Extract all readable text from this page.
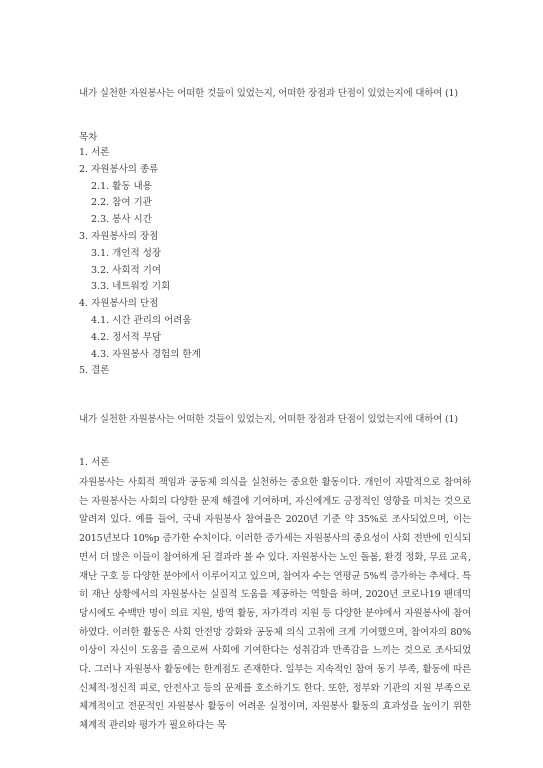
내가 실천한 자원봉사는 어떠한 것들이 있었는지, 어떠한 장점과 단점이 있었는지에 대하여 (1)
목차
1. 서론
2. 자원봉사의 종류
2.1. 활동 내용
2.2. 참여 기관
2.3. 봉사 시간
3. 자원봉사의 장점
3.1. 개인적 성장
3.2. 사회적 기여
3.3. 네트워킹 기회
4. 자원봉사의 단점
4.1. 시간 관리의 어려움
4.2. 정서적 부담
4.3. 자원봉사 경험의 한계
5. 결론
내가 실천한 자원봉사는 어떠한 것들이 있었는지, 어떠한 장점과 단점이 있었는지에 대하여 (1)
1. 서론
자원봉사는 사회적 책임과 공동체 의식을 실천하는 중요한 활동이다. 개인이 자발적으로 참여하는 자원봉사는 사회의 다양한 문제 해결에 기여하며, 자신에게도 긍정적인 영향을 미치는 것으로 알려져 있다. 예를 들어, 국내 자원봉사 참여율은 2020년 기준 약 35%로 조사되었으며, 이는 2015년보다 10%p 증가한 수치이다. 이러한 증가세는 자원봉사의 중요성이 사회 전반에 인식되면서 더 많은 이들이 참여하게 된 결과라 볼 수 있다. 자원봉사는 노인 돌봄, 환경 정화, 무료 교육, 재난 구호 등 다양한 분야에서 이루어지고 있으며, 참여자 수는 연평균 5%씩 증가하는 추세다. 특히 재난 상황에서의 자원봉사는 실질적 도움을 제공하는 역할을 하며, 2020년 코로나19 팬데믹 당시에도 수백만 명이 의료 지원, 방역 활동, 자가격리 지원 등 다양한 분야에서 자원봉사에 참여하였다. 이러한 활동은 사회 안전망 강화와 공동체 의식 고취에 크게 기여했으며, 참여자의 80% 이상이 자신이 도움을 줌으로써 사회에 기여한다는 성취감과 만족감을 느끼는 것으로 조사되었다. 그러나 자원봉사 활동에는 한계점도 존재한다. 일부는 지속적인 참여 동기 부족, 활동에 따른 신체적·정신적 피로, 안전사고 등의 문제를 호소하기도 한다. 또한, 정부와 기관의 지원 부족으로 체계적이고 전문적인 자원봉사 활동이 어려운 실정이며, 자원봉사 활동의 효과성을 높이기 위한 체계적 관리와 평가가 필요하다는 목
